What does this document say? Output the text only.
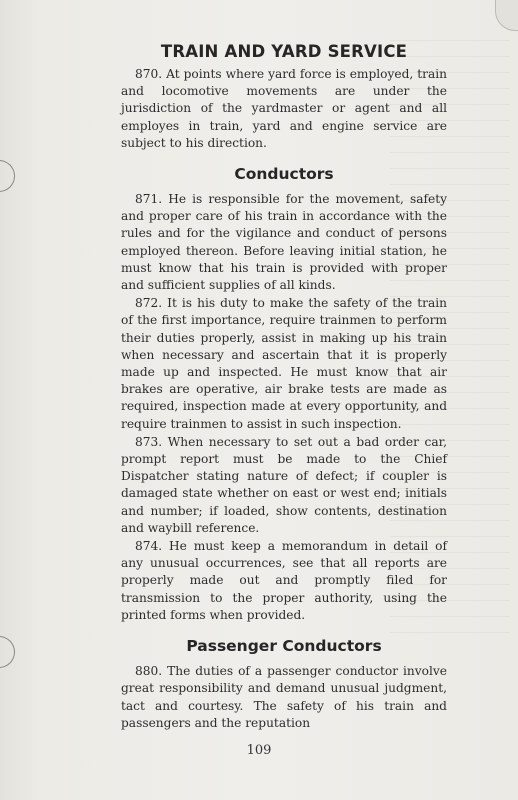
TRAIN AND YARD SERVICE

870. At points where yard force is employed, train and locomotive movements are under the jurisdiction of the yardmaster or agent and all employes in train, yard and engine service are subject to his direction.

Conductors

871. He is responsible for the movement, safety and proper care of his train in accordance with the rules and for the vigilance and conduct of persons employed thereon. Before leaving initial station, he must know that his train is provided with proper and sufficient supplies of all kinds.

872. It is his duty to make the safety of the train of the first importance, require trainmen to perform their duties properly, assist in making up his train when necessary and ascertain that it is properly made up and inspected. He must know that air brakes are operative, air brake tests are made as required, inspection made at every opportunity, and require trainmen to assist in such inspection.

873. When necessary to set out a bad order car, prompt report must be made to the Chief Dispatcher stating nature of defect; if coupler is damaged state whether on east or west end; initials and number; if loaded, show contents, destination and waybill reference.

874. He must keep a memorandum in detail of any unusual occurrences, see that all reports are properly made out and promptly filed for transmission to the proper authority, using the printed forms when provided.

Passenger Conductors

880. The duties of a passenger conductor involve great responsibility and demand unusual judgment, tact and courtesy. The safety of his train and passengers and the reputation

109
